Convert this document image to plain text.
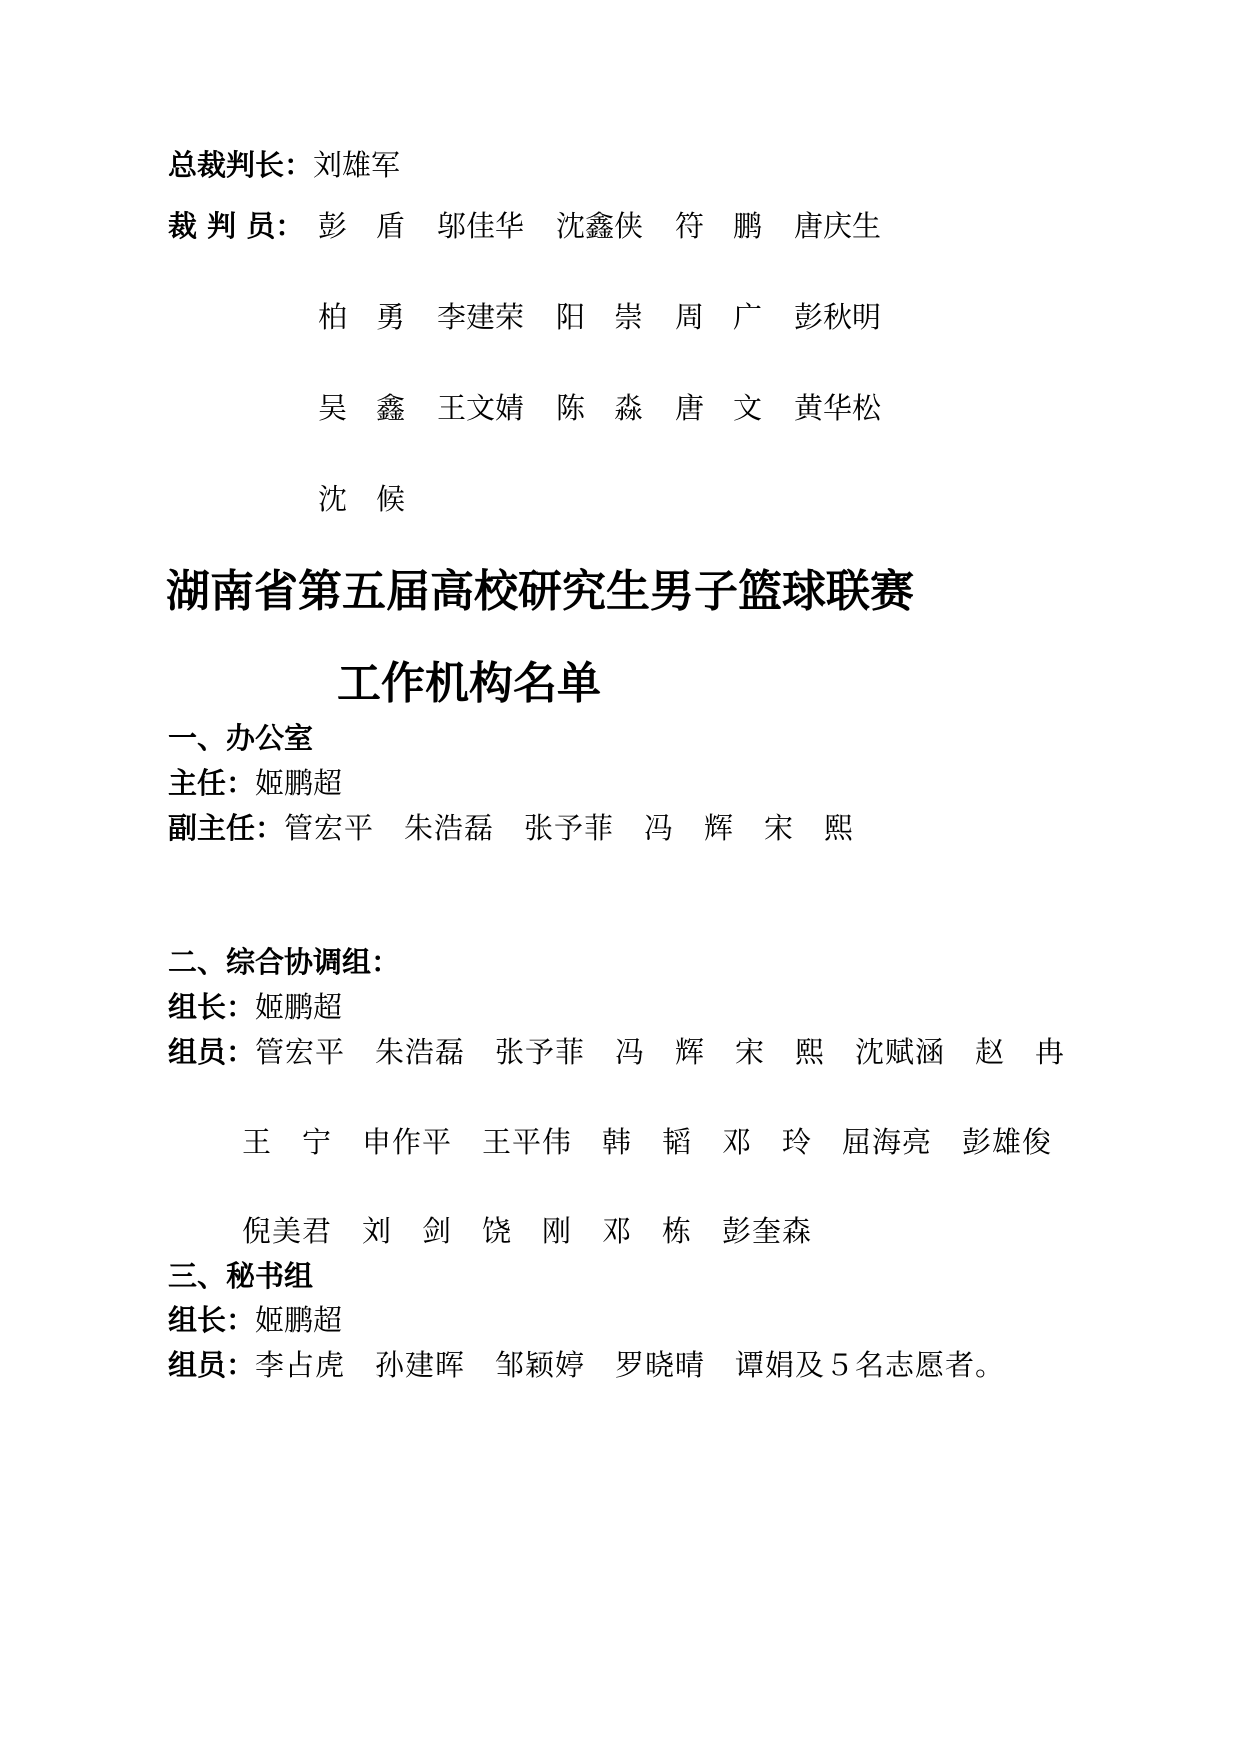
总裁判长：刘雄军
裁 判 员： 彭　盾 邬佳华 沈鑫侠 符　鹏 唐庆生
柏　勇 李建荣 阳　崇 周　广 彭秋明
吴　鑫 王文婧 陈　淼 唐　文 黄华松
沈　候
湖南省第五届高校研究生男子篮球联赛
工作机构名单
一、办公室
主任：姬鹏超
副主任：管宏平　朱浩磊　张予菲　冯　辉　宋　熙
二、综合协调组：
组长：姬鹏超
组员：管宏平　朱浩磊　张予菲　冯　辉　宋　熙　沈赋涵　赵　冉
王　宁　申作平　王平伟　韩　韬　邓　玲　屈海亮　彭雄俊
倪美君　刘　剑　饶　刚　邓　栋　彭奎森
三、秘书组
组长：姬鹏超
组员：李占虎　孙建晖　邹颖婷　罗晓晴　谭娟及５名志愿者。
